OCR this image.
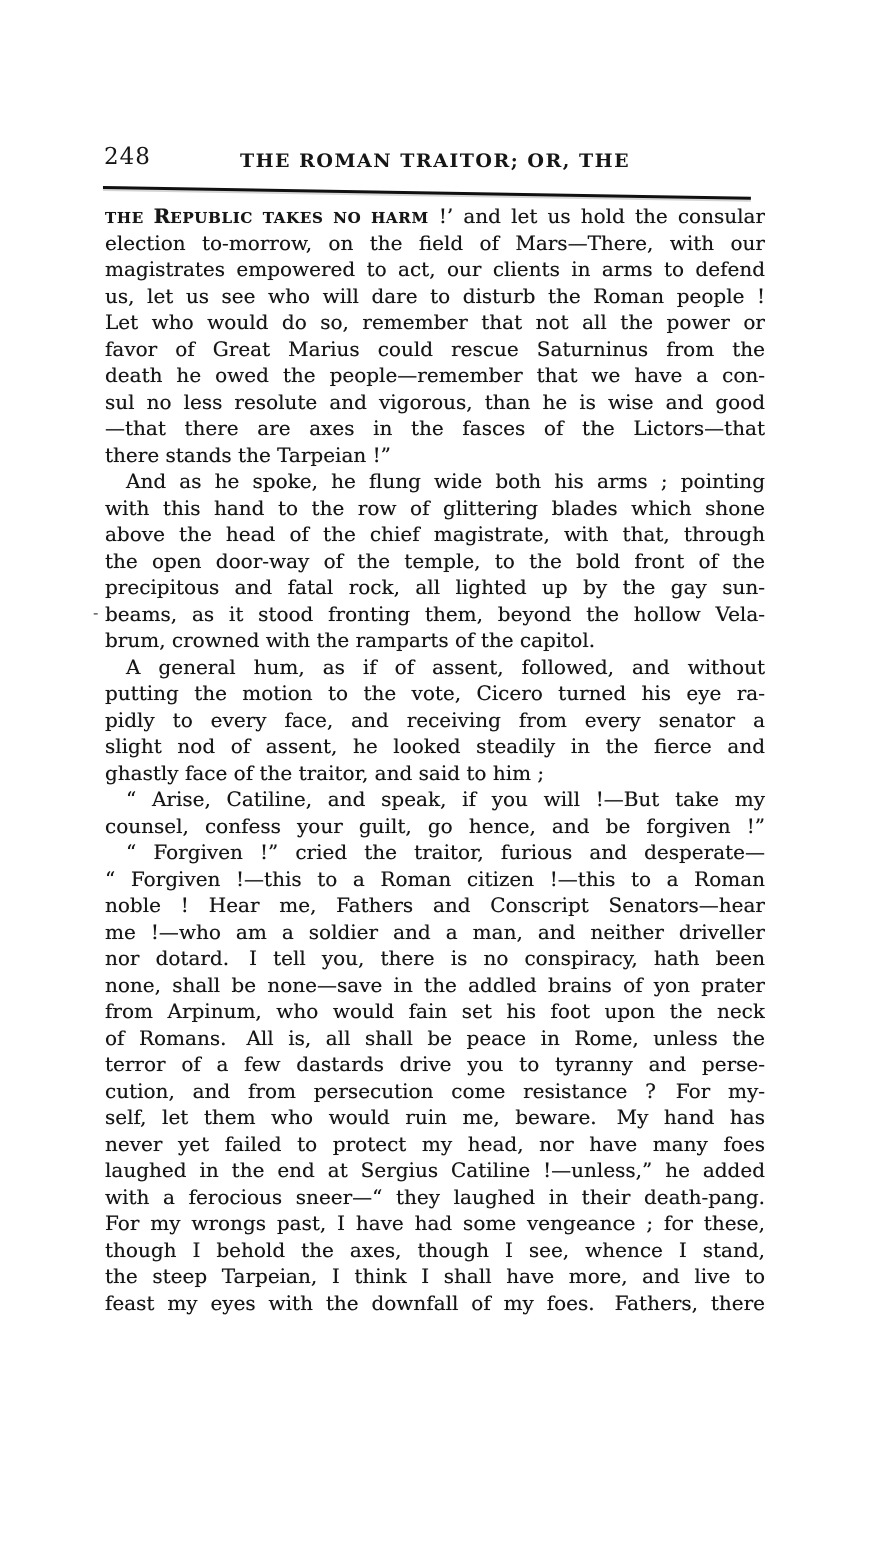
248	THE ROMAN TRAITOR; OR, THE
THE REPUBLIC TAKES NO HARM !’ and let us hold the consular
election to-morrow, on the field of Mars—There, with our
magistrates empowered to act, our clients in arms to defend
us, let us see who will dare to disturb the Roman people !
Let who would do so, remember that not all the power or
favor of Great Marius could rescue Saturninus from the
death he owed the people—remember that we have a con-
sul no less resolute and vigorous, than he is wise and good
—that there are axes in the fasces of the Lictors—that
there stands the Tarpeian !”
And as he spoke, he flung wide both his arms ; pointing
with this hand to the row of glittering blades which shone
above the head of the chief magistrate, with that, through
the open door-way of the temple, to the bold front of the
precipitous and fatal rock, all lighted up by the gay sun-
beams, as it stood fronting them, beyond the hollow Vela-
brum, crowned with the ramparts of the capitol.
A general hum, as if of assent, followed, and without
putting the motion to the vote, Cicero turned his eye ra-
pidly to every face, and receiving from every senator a
slight nod of assent, he looked steadily in the fierce and
ghastly face of the traitor, and said to him ;
“ Arise, Catiline, and speak, if you will !—But take my
counsel, confess your guilt, go hence, and be forgiven !”
“ Forgiven !” cried the traitor, furious and desperate—
“ Forgiven !—this to a Roman citizen !—this to a Roman
noble ! Hear me, Fathers and Conscript Senators—hear
me !—who am a soldier and a man, and neither driveller
nor dotard. I tell you, there is no conspiracy, hath been
none, shall be none—save in the addled brains of yon prater
from Arpinum, who would fain set his foot upon the neck
of Romans. All is, all shall be peace in Rome, unless the
terror of a few dastards drive you to tyranny and perse-
cution, and from persecution come resistance ? For my-
self, let them who would ruin me, beware. My hand has
never yet failed to protect my head, nor have many foes
laughed in the end at Sergius Catiline !—unless,” he added
with a ferocious sneer—“ they laughed in their death-pang.
For my wrongs past, I have had some vengeance ; for these,
though I behold the axes, though I see, whence I stand,
the steep Tarpeian, I think I shall have more, and live to
feast my eyes with the downfall of my foes. Fathers, there
-
